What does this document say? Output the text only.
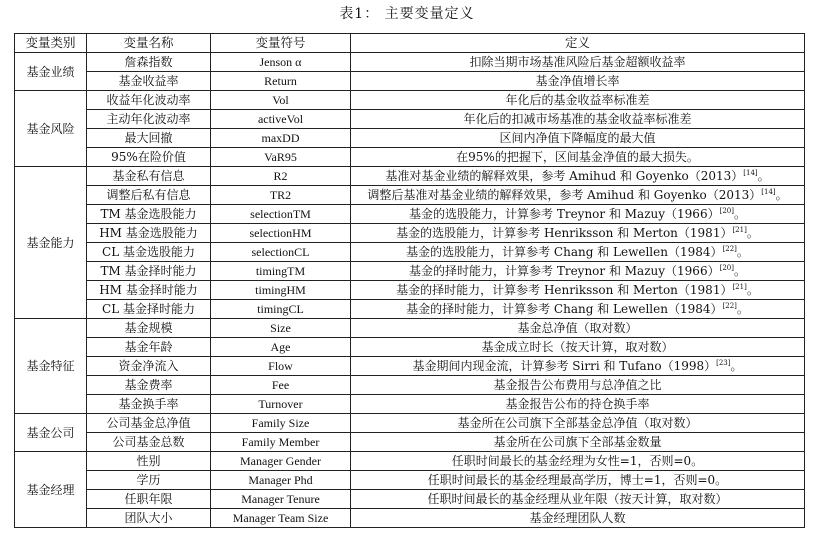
表1： 主要变量定义
变量类别	变量名称	变量符号	定义
基金业绩	詹森指数	Jenson α	扣除当期市场基准风险后基金超额收益率
	基金收益率	Return	基金净值增长率
基金风险	收益年化波动率	Vol	年化后的基金收益率标准差
	主动年化波动率	activeVol	年化后的扣减市场基准的基金收益率标准差
	最大回撤	maxDD	区间内净值下降幅度的最大值
	95%在险价值	VaR95	在95%的把握下，区间基金净值的最大损失。
基金能力	基金私有信息	R2	基准对基金业绩的解释效果，参考 Amihud 和 Goyenko（2013）[14]。
	调整后私有信息	TR2	调整后基准对基金业绩的解释效果，参考 Amihud 和 Goyenko（2013）[14]。
	TM 基金选股能力	selectionTM	基金的选股能力，计算参考 Treynor 和 Mazuy（1966）[20]。
	HM 基金选股能力	selectionHM	基金的选股能力，计算参考 Henriksson 和 Merton（1981）[21]。
	CL 基金选股能力	selectionCL	基金的选股能力，计算参考 Chang 和 Lewellen（1984）[22]。
	TM 基金择时能力	timingTM	基金的择时能力，计算参考 Treynor 和 Mazuy（1966）[20]。
	HM 基金择时能力	timingHM	基金的择时能力，计算参考 Henriksson 和 Merton（1981）[21]。
	CL 基金择时能力	timingCL	基金的择时能力，计算参考 Chang 和 Lewellen（1984）[22]。
基金特征	基金规模	Size	基金总净值（取对数）
	基金年龄	Age	基金成立时长（按天计算，取对数）
	资金净流入	Flow	基金期间内现金流，计算参考 Sirri 和 Tufano（1998）[23]。
	基金费率	Fee	基金报告公布费用与总净值之比
	基金换手率	Turnover	基金报告公布的持仓换手率
基金公司	公司基金总净值	Family Size	基金所在公司旗下全部基金总净值（取对数）
	公司基金总数	Family Member	基金所在公司旗下全部基金数量
基金经理	性别	Manager Gender	任职时间最长的基金经理为女性=1，否则=0。
	学历	Manager Phd	任职时间最长的基金经理最高学历，博士=1，否则=0。
	任职年限	Manager Tenure	任职时间最长的基金经理从业年限（按天计算，取对数）
	团队大小	Manager Team Size	基金经理团队人数
